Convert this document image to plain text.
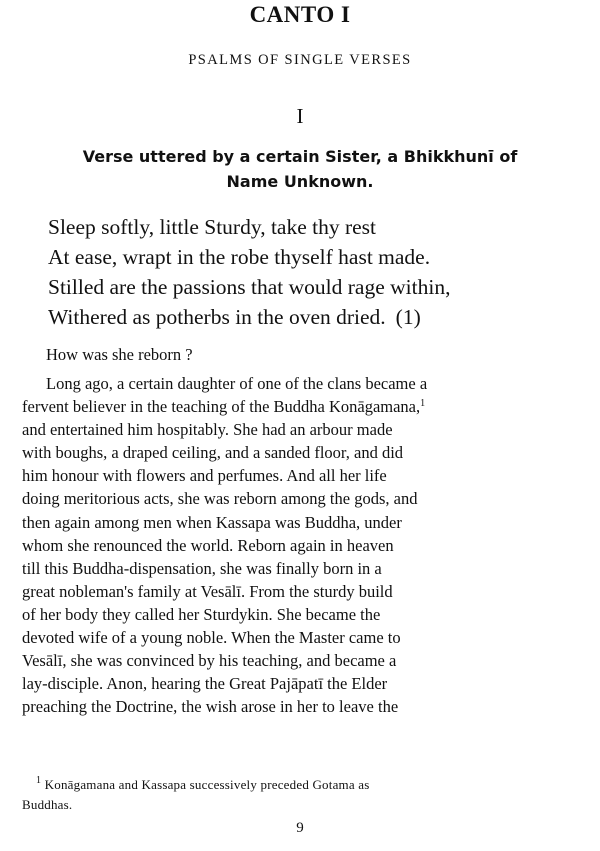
CANTO I
PSALMS OF SINGLE VERSES
I
Verse uttered by a certain Sister, a Bhikkhunī of
Name Unknown.
Sleep softly, little Sturdy, take thy rest
At ease, wrapt in the robe thyself hast made.
Stilled are the passions that would rage within,
Withered as potherbs in the oven dried. (1)
How was she reborn ?
Long ago, a certain daughter of one of the clans became a
fervent believer in the teaching of the Buddha Konāgamana,$^1$
and entertained him hospitably. She had an arbour made
with boughs, a draped ceiling, and a sanded floor, and did
him honour with flowers and perfumes. And all her life
doing meritorious acts, she was reborn among the gods, and
then again among men when Kassapa was Buddha, under
whom she renounced the world. Reborn again in heaven
till this Buddha-dispensation, she was finally born in a
great nobleman's family at Vesālī. From the sturdy build
of her body they called her Sturdykin. She became the
devoted wife of a young noble. When the Master came to
Vesālī, she was convinced by his teaching, and became a
lay-disciple. Anon, hearing the Great Pajāpatī the Elder
preaching the Doctrine, the wish arose in her to leave the
$^1$ Konāgamana and Kassapa successively preceded Gotama as
Buddhas.
9
